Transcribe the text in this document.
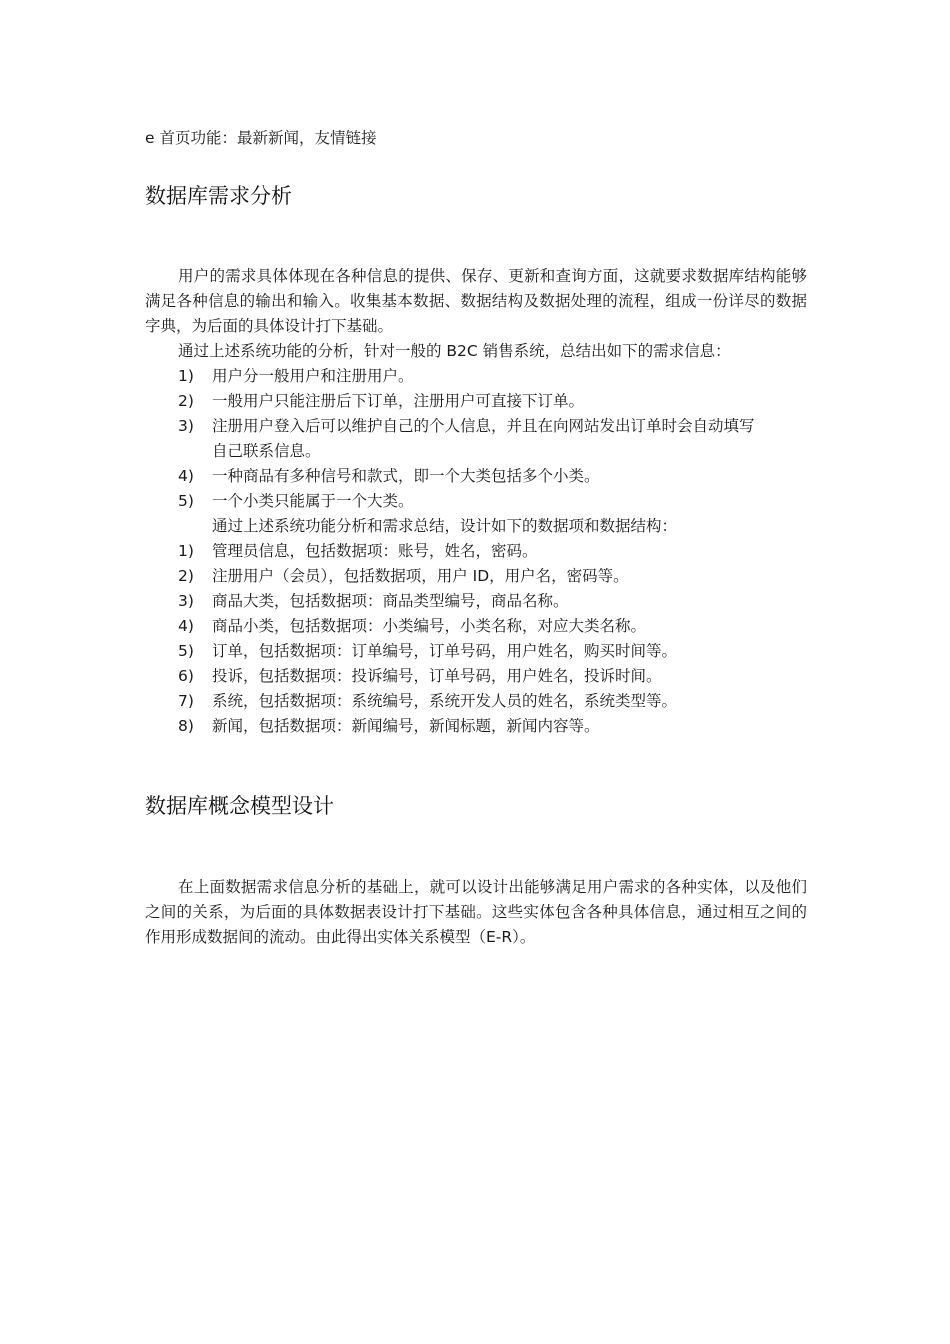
e 首页功能：最新新闻，友情链接
数据库需求分析
用户的需求具体体现在各种信息的提供、保存、更新和查询方面，这就要求数据库结构能够满足各种信息的输出和输入。收集基本数据、数据结构及数据处理的流程，组成一份详尽的数据字典，为后面的具体设计打下基础。
通过上述系统功能的分析，针对一般的 B2C 销售系统，总结出如下的需求信息：
1) 用户分一般用户和注册用户。
2) 一般用户只能注册后下订单，注册用户可直接下订单。
3) 注册用户登入后可以维护自己的个人信息，并且在向网站发出订单时会自动填写
自己联系信息。
4) 一种商品有多种信号和款式，即一个大类包括多个小类。
5) 一个小类只能属于一个大类。
通过上述系统功能分析和需求总结，设计如下的数据项和数据结构：
1) 管理员信息，包括数据项：账号，姓名，密码。
2) 注册用户（会员），包括数据项，用户 ID，用户名，密码等。
3) 商品大类，包括数据项：商品类型编号，商品名称。
4) 商品小类，包括数据项：小类编号，小类名称，对应大类名称。
5) 订单，包括数据项：订单编号，订单号码，用户姓名，购买时间等。
6) 投诉，包括数据项：投诉编号，订单号码，用户姓名，投诉时间。
7) 系统，包括数据项：系统编号，系统开发人员的姓名，系统类型等。
8) 新闻，包括数据项：新闻编号，新闻标题，新闻内容等。
数据库概念模型设计
在上面数据需求信息分析的基础上，就可以设计出能够满足用户需求的各种实体，以及他们之间的关系，为后面的具体数据表设计打下基础。这些实体包含各种具体信息，通过相互之间的作用形成数据间的流动。由此得出实体关系模型（E-R）。
